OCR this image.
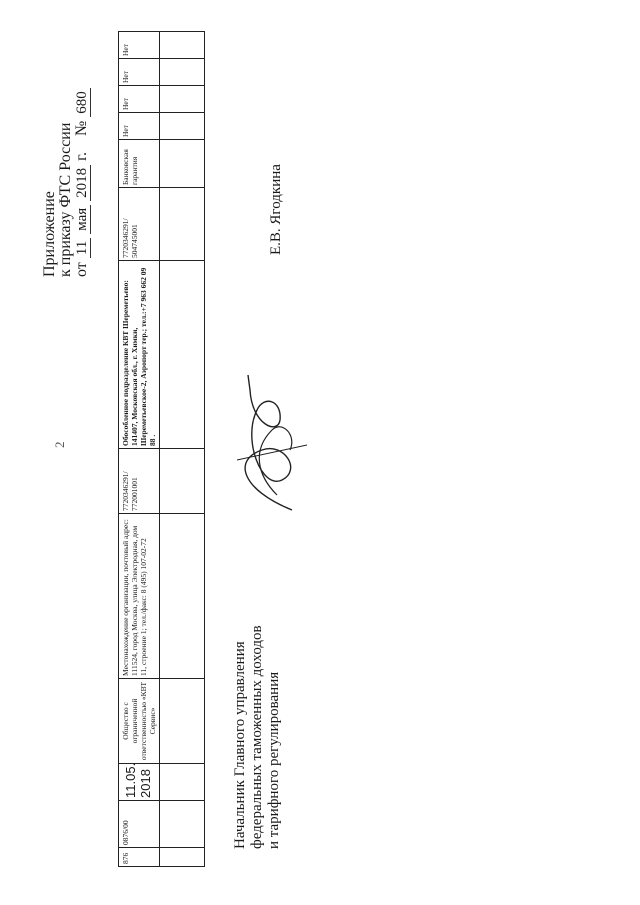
2
Приложение к приказу ФТС России от 11 мая 2018 г.    № 680
876	0876/00	11.05. 2018	Общество с ограниченной ответственностью «КВТ Сервис»	Местонахождение организации, почтовый адрес: 111524, город Москва, улица Электродная, дом 11, строение 1; тел./факс: 8 (495) 107-02-72	7720346291/ 772001001	Обособленное подразделение КВТ Шереметьево: 141407, Московская обл., г. Химки, Шереметьевское-2, Аэропорт тер.; тел.:+7 963 662 09 88 .	7720346291/ 504745001	Банковская гарантия	Нет	Нет	Нет	Нет

Начальник Главного управления федеральных таможенных доходов и тарифного регулирования
Е.В. Ягодкина
